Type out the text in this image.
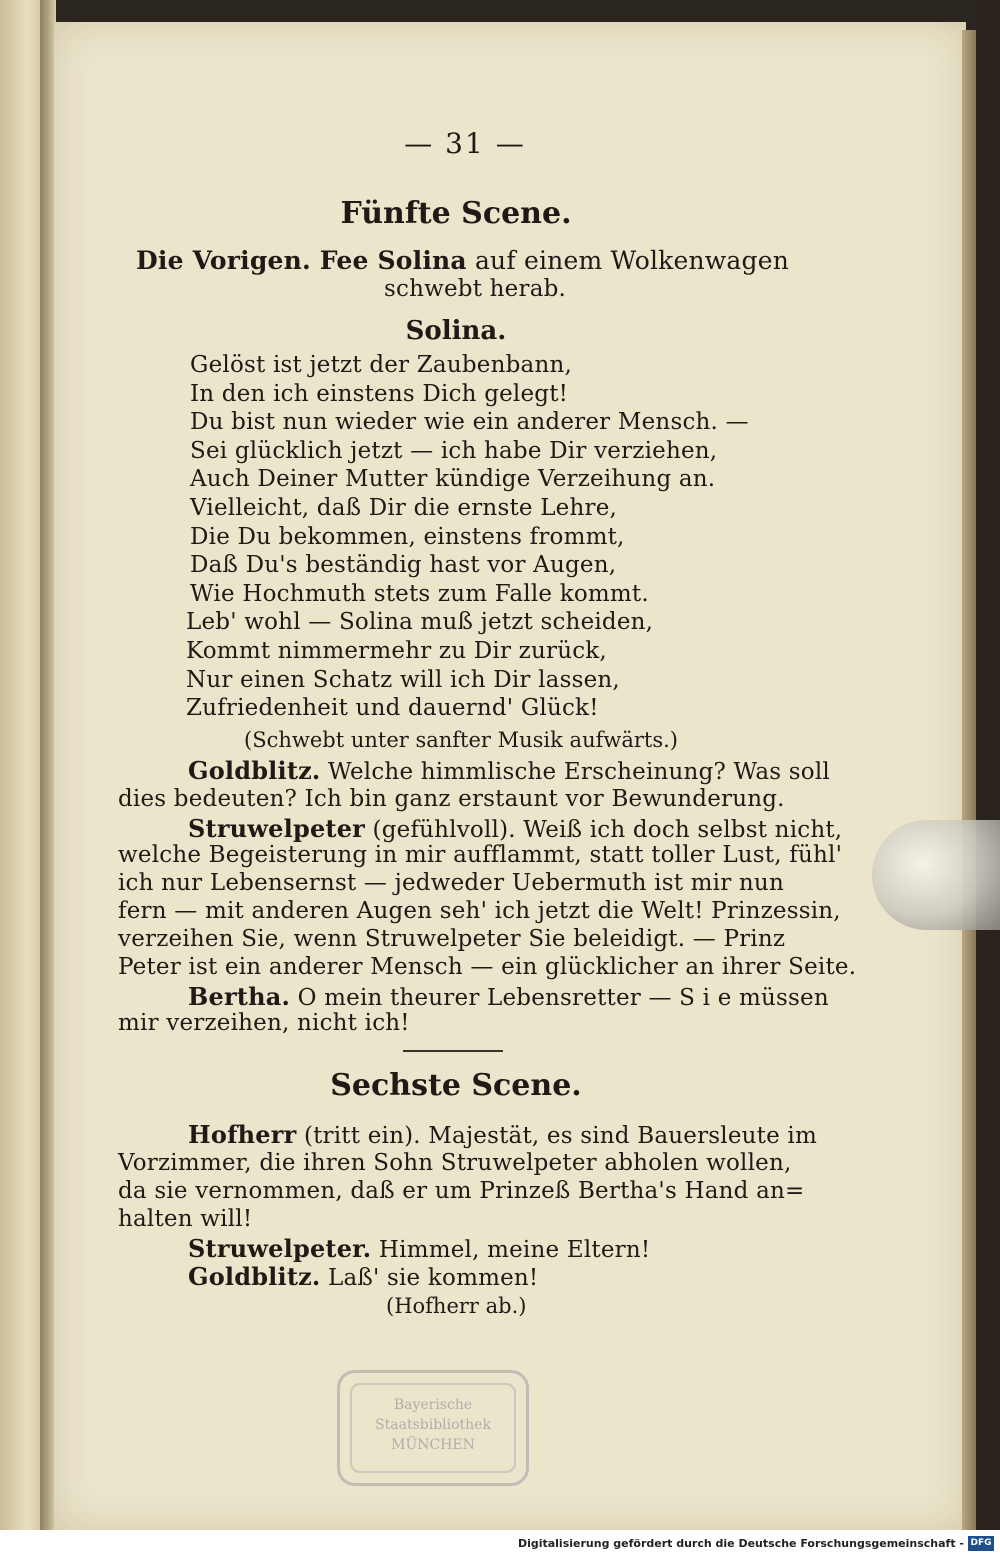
— 31 —
Fünfte Scene.
Die Vorigen. Fee Solina auf einem Wolkenwagen
schwebt herab.
Solina.
Gelöst ist jetzt der Zaubenbann,
In den ich einstens Dich gelegt!
Du bist nun wieder wie ein anderer Mensch. —
Sei glücklich jetzt — ich habe Dir verziehen,
Auch Deiner Mutter kündige Verzeihung an.
Vielleicht, daß Dir die ernste Lehre,
Die Du bekommen, einstens frommt,
Daß Du's beständig hast vor Augen,
Wie Hochmuth stets zum Falle kommt.
Leb' wohl — Solina muß jetzt scheiden,
Kommt nimmermehr zu Dir zurück,
Nur einen Schatz will ich Dir lassen,
Zufriedenheit und dauernd' Glück!
(Schwebt unter sanfter Musik aufwärts.)
Goldblitz. Welche himmlische Erscheinung? Was soll
dies bedeuten? Ich bin ganz erstaunt vor Bewunderung.
Struwelpeter (gefühlvoll). Weiß ich doch selbst nicht,
welche Begeisterung in mir aufflammt, statt toller Lust, fühl'
ich nur Lebensernst — jedweder Uebermuth ist mir nun
fern — mit anderen Augen seh' ich jetzt die Welt! Prinzessin,
verzeihen Sie, wenn Struwelpeter Sie beleidigt. — Prinz
Peter ist ein anderer Mensch — ein glücklicher an ihrer Seite.
Bertha. O mein theurer Lebensretter — S i e müssen
mir verzeihen, nicht ich!
Sechste Scene.
Hofherr (tritt ein). Majestät, es sind Bauersleute im
Vorzimmer, die ihren Sohn Struwelpeter abholen wollen,
da sie vernommen, daß er um Prinzeß Bertha's Hand an=
halten will!
Struwelpeter. Himmel, meine Eltern!
Goldblitz. Laß' sie kommen!
(Hofherr ab.)
Bayerische Staatsbibliothek MÜNCHEN
Digitalisierung gefördert durch die Deutsche Forschungsgemeinschaft - DFG
